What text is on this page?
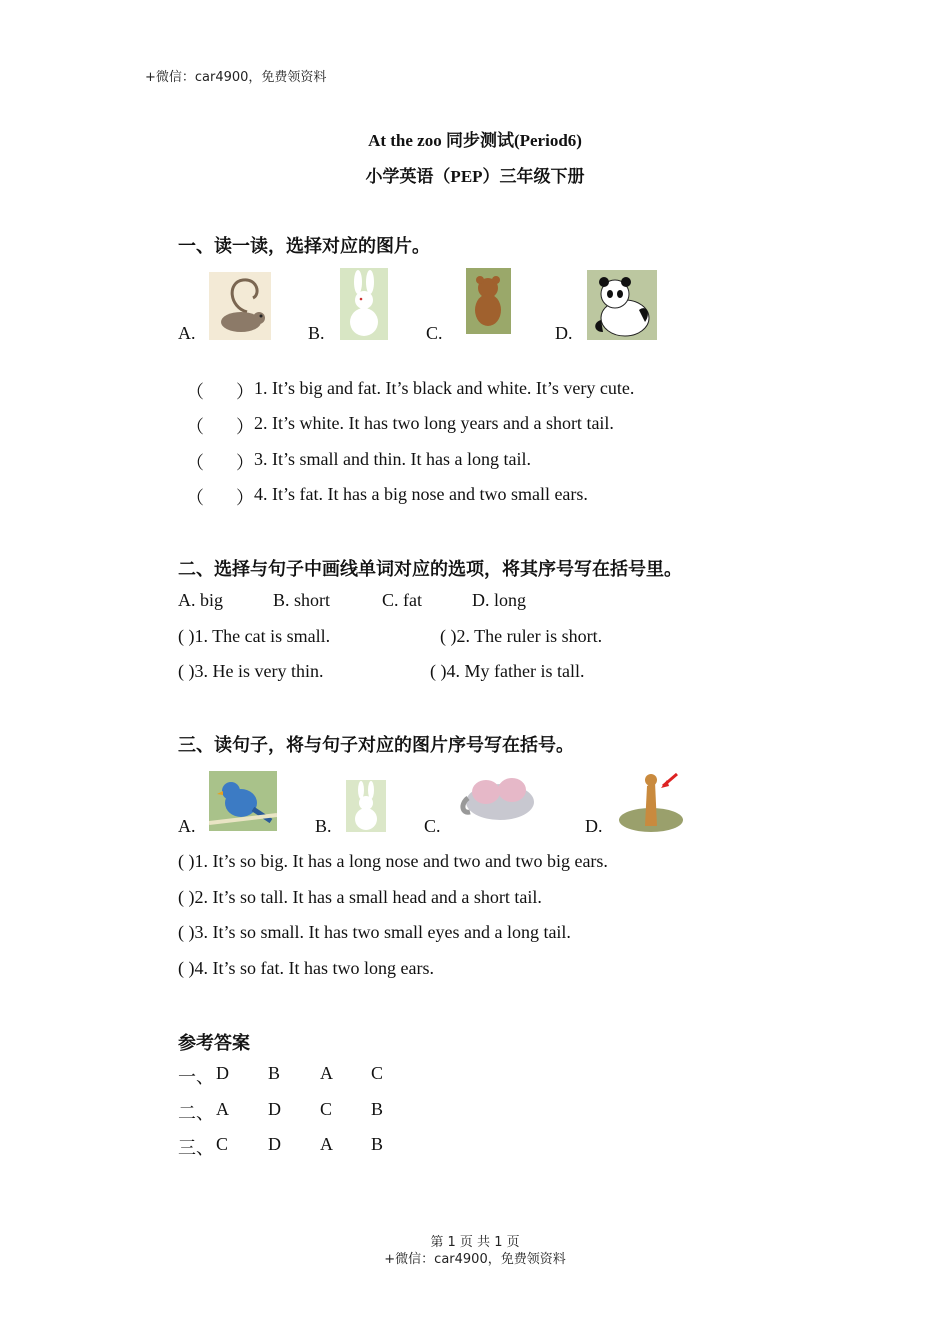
+微信：car4900，免费领资料
At the zoo 同步测试(Period6)
小学英语（PEP）三年级下册
一、读一读，选择对应的图片。
A.	B.	C.	D.
（ ） 1. It’s big and fat. It’s black and white. It’s very cute.
（ ） 2. It’s white. It has two long years and a short tail.
（ ） 3. It’s small and thin. It has a long tail.
（ ） 4. It’s fat. It has a big nose and two small ears.
二、选择与句子中画线单词对应的选项，将其序号写在括号里。
A. big	B. short	C. fat	D. long
( )1. The cat is small.	( )2. The ruler is short.
( )3. He is very thin.	( )4. My father is tall.
三、读句子，将与句子对应的图片序号写在括号。
A.	B.	C.	D.
( )1. It’s so big. It has a long nose and two and two big ears.
( )2. It’s so tall. It has a small head and a short tail.
( )3. It’s so small. It has two small eyes and a long tail.
( )4. It’s so fat. It has two long ears.
参考答案
一、 D B A C
二、 A D C B
三、 C D A B
第 1 页 共 1 页
+微信：car4900，免费领资料
